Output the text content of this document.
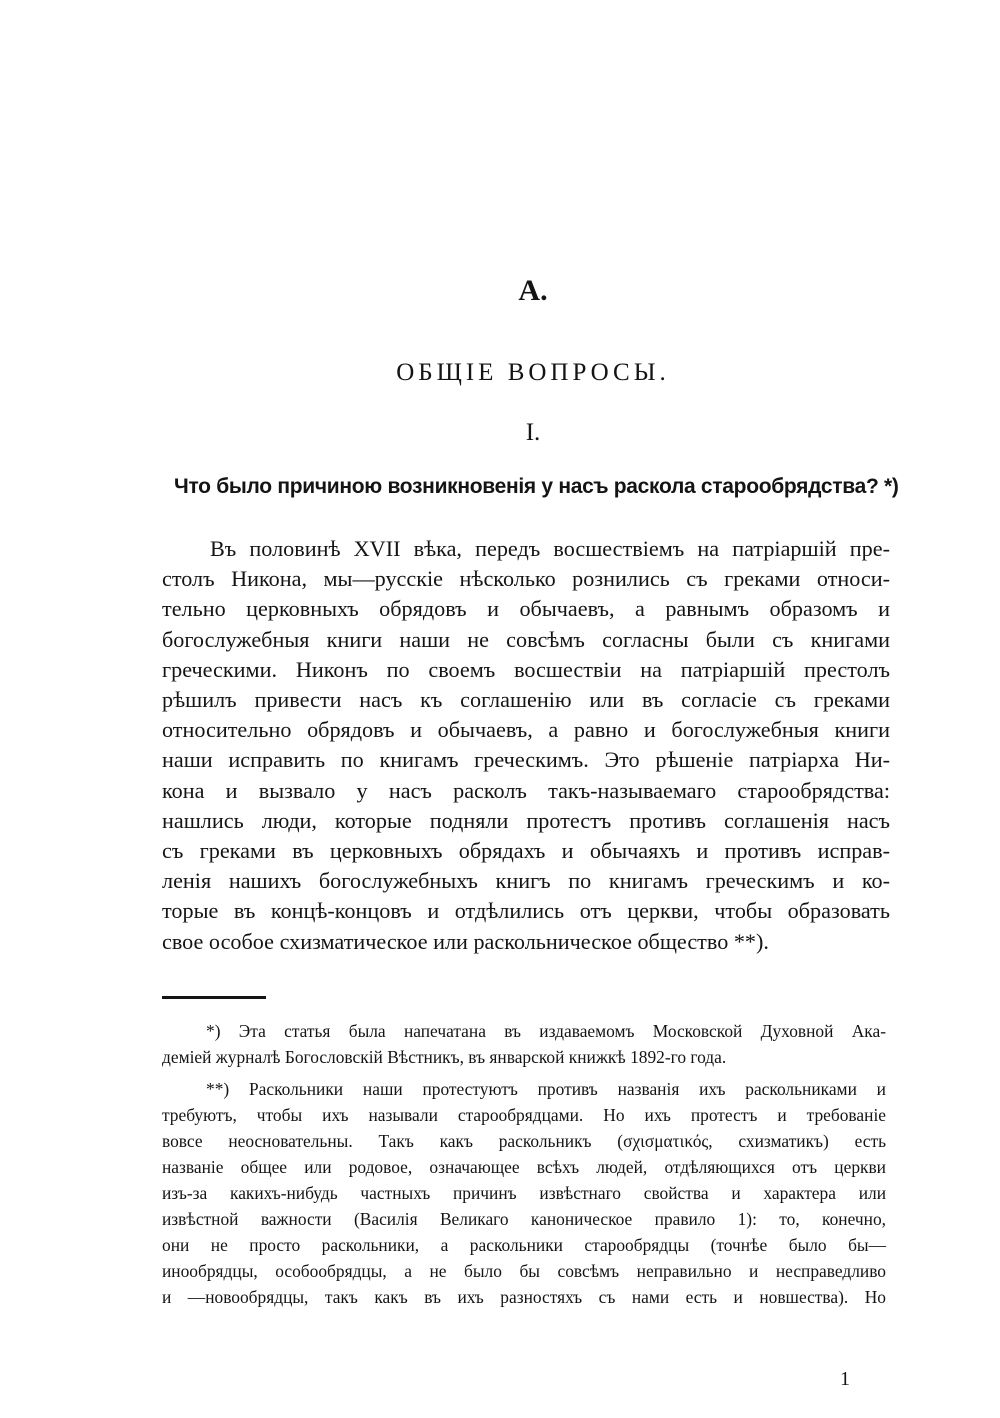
А.
ОБЩІЕ ВОПРОСЫ.
I.
Что было причиною возникновенія у насъ раскола старообрядства? *)
Въ половинѣ XVII вѣка, передъ восшествіемъ на патріаршій пре-
столъ Никона, мы—русскіе нѣсколько рознились съ греками относи-
тельно церковныхъ обрядовъ и обычаевъ, а равнымъ образомъ и
богослужебныя книги наши не совсѣмъ согласны были съ книгами
греческими. Никонъ по своемъ восшествіи на патріаршій престолъ
рѣшилъ привести насъ къ соглашенію или въ согласіе съ греками
относительно обрядовъ и обычаевъ, а равно и богослужебныя книги
наши исправить по книгамъ греческимъ. Это рѣшеніе патріарха Ни-
кона и вызвало у насъ расколъ такъ-называемаго старообрядства:
нашлись люди, которые подняли протестъ противъ соглашенія насъ
съ греками въ церковныхъ обрядахъ и обычаяхъ и противъ исправ-
ленія нашихъ богослужебныхъ книгъ по книгамъ греческимъ и ко-
торые въ концѣ-концовъ и отдѣлились отъ церкви, чтобы образовать
свое особое схизматическое или раскольническое общество **).
*) Эта статья была напечатана въ издаваемомъ Московской Духовной Ака-
деміей журналѣ Богословскій Вѣстникъ, въ январской книжкѣ 1892-го года.
**) Раскольники наши протестуютъ противъ названія ихъ раскольниками и
требуютъ, чтобы ихъ называли старообрядцами. Но ихъ протестъ и требованіе
вовсе неосновательны. Такъ какъ раскольникъ (σχισματικός, схизматикъ) есть
названіе общее или родовое, означающее всѣхъ людей, отдѣляющихся отъ церкви
изъ-за какихъ-нибудь частныхъ причинъ извѣстнаго свойства и характера или
извѣстной важности (Василія Великаго каноническое правило 1): то, конечно,
они не просто раскольники, а раскольники старообрядцы (точнѣе было бы—
инообрядцы, особообрядцы, а не было бы совсѣмъ неправильно и несправедливо
и —новообрядцы, такъ какъ въ ихъ разностяхъ съ нами есть и новшества). Но
1
